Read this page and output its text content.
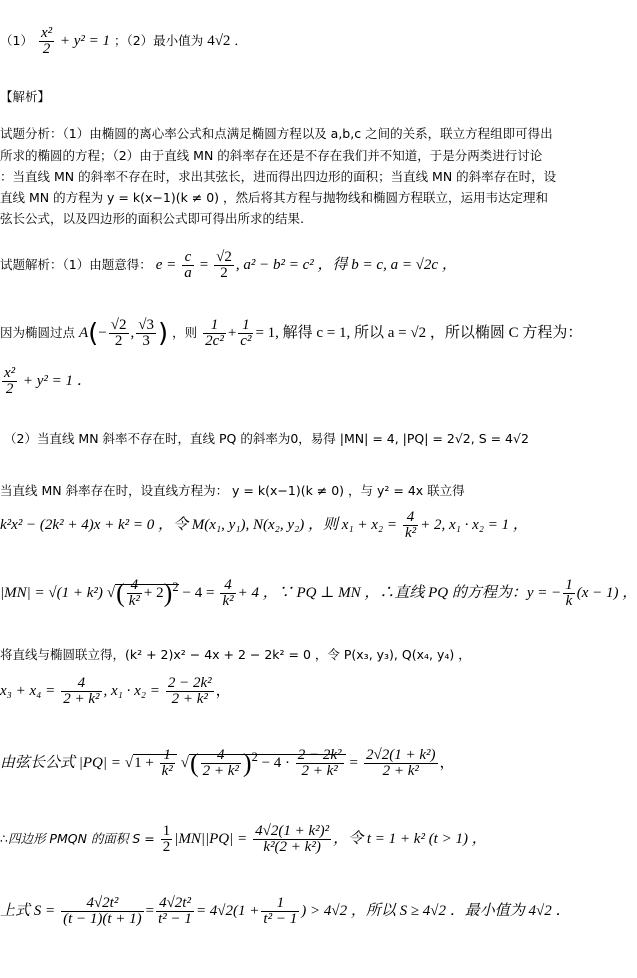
$(1) \frac{\text{x²}}{2} + y^2 = 1$ ；（2）最小值为 4√2 ．
【解析】
试题分析：（1）由椭圆的离心率公式和点满足椭圆方程以及 a,b,c 之间的关系，联立方程组即可得出
所求的椭圆的方程；（2）由于直线 MN 的斜率存在还是不存在我们并不知道，于是分两类进行讨论
：当直线 MN 的斜率不存在时，求出其弦长，进而得出四边形的面积；当直线 MN 的斜率存在时，设
直线 MN 的方程为 y = k(x−1)(k ≠ 0) ，然后将其方程与抛物线和椭圆方程联立，运用韦达定理和
弦长公式，以及四边形的面积公式即可得出所求的结果.
试题解析：（1）由题意得： $e = \frac{c}{a} = \frac{√2}{2}$ , a² − b² = c² ，得 b = c, a = √2c ，
因为椭圆过点 $A(- \frac{√2}{2}$ , $\frac{√3}{3}$ ) ，则 $\frac{1}{\text{2c²}} + \frac{1}{\text{c²}} = 1$, 解得 c = 1, 所以 a = √2 ，所以椭圆 C 方程为：
$\frac{\text{x²}}{2} + y^2 = 1$ ．
（2）当直线 MN 斜率不存在时，直线 PQ 的斜率为0，易得 |MN| = 4, |PQ| = 2√2, S = 4√2
当直线 MN 斜率存在时，设直线方程为： y = k(x−1)(k ≠ 0) ，与 y² = 4x 联立得
k²x² − (2k² + 4)x + k² = 0 ，令 M(x₁, y₁), N(x₂, y₂) ，则 $x_1 + x_2 = \frac{4}{\text{k²}} + 2$, x₁ · x₂ = 1 ，
|MN| = √(1 + k²) √( $\frac{4}{\text{k²}} + 2)^2 - 4 = \frac{4}{\text{k²}} + 4$ ，∵ PQ ⊥ MN ，∴直线 PQ 的方程为：y = − $\frac{1}{k} (x - 1)$ ，
将直线与椭圆联立得，(k² + 2)x² − 4x + 2 − 2k² = 0 ，令 P(x₃, y₃), Q(x₄, y₄) ，
$x_3 + x_4 = \frac{4}{\text{2 + k²}}$ , $x_1 \cdot x_2 = \frac{\text{2 − 2k²}}{\text{2 + k²}}$ ，
由弦长公式 $|PQ| = √1 + \frac{1}{\text{k²}}$ √( $\frac{4}{\text{2 + k²}} )^2 - 4 \cdot \frac{\text{2 − 2k²}}{\text{2 + k²}} = \frac{\text{2√2(1 + k²)}}{\text{2 + k²}}$ ，
∴四边形 PMQN 的面积 $S = \frac{1}{2} |MN||PQ| = \frac{\text{4√2(1 + k²)²}}{\text{k²(2 + k²)}}$ ，令 t = 1 + k² (t > 1) ，
上式 $S = \frac{\text{4√2t²}}{(t - 1)(t + 1)} = \frac{\text{4√2t²}}{\text{t² − 1}} = 4√2(1 + \frac{1}{\text{t² − 1}}$ ) > 4√2 ，所以 S ≥ 4√2 ．最小值为 4√2 ．
